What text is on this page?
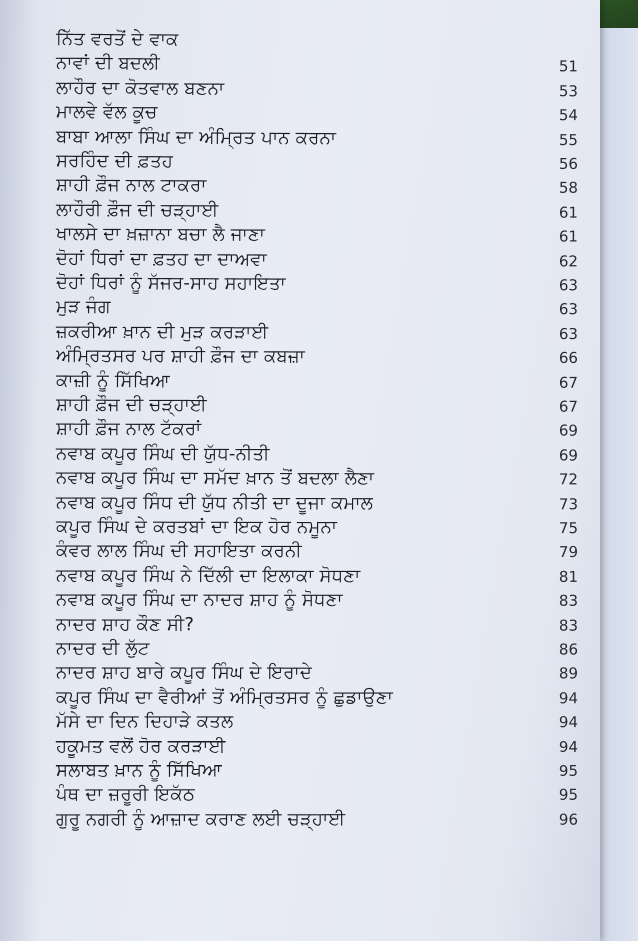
ਨਿੱਤ ਵਰਤੋਂ ਦੇ ਵਾਕ
ਨਾਵਾਂ ਦੀ ਬਦਲੀ	51
ਲਾਹੌਰ ਦਾ ਕੋਤਵਾਲ ਬਣਨਾ	53
ਮਾਲਵੇ ਵੱਲ ਕੂਚ	54
ਬਾਬਾ ਆਲਾ ਸਿੰਘ ਦਾ ਅੰਮ੍ਰਿਤ ਪਾਨ ਕਰਨਾ	55
ਸਰਹਿੰਦ ਦੀ ਫ਼ਤਹ	56
ਸ਼ਾਹੀ ਫ਼ੌਜ ਨਾਲ ਟਾਕਰਾ	58
ਲਾਹੌਰੀ ਫ਼ੌਜ ਦੀ ਚੜ੍ਹਾਈ	61
ਖਾਲਸੇ ਦਾ ਖ਼ਜ਼ਾਨਾ ਬਚਾ ਲੈ ਜਾਣਾ	61
ਦੋਹਾਂ ਧਿਰਾਂ ਦਾ ਫ਼ਤਹ ਦਾ ਦਾਅਵਾ	62
ਦੋਹਾਂ ਧਿਰਾਂ ਨੂੰ ਸੱਜਰ-ਸਾਹ ਸਹਾਇਤਾ	63
ਮੁੜ ਜੰਗ	63
ਜ਼ਕਰੀਆ ਖ਼ਾਨ ਦੀ ਮੁੜ ਕਰੜਾਈ	63
ਅੰਮ੍ਰਿਤਸਰ ਪਰ ਸ਼ਾਹੀ ਫ਼ੌਜ ਦਾ ਕਬਜ਼ਾ	66
ਕਾਜ਼ੀ ਨੂੰ ਸਿੱਖਿਆ	67
ਸ਼ਾਹੀ ਫ਼ੌਜ ਦੀ ਚੜ੍ਹਾਈ	67
ਸ਼ਾਹੀ ਫ਼ੌਜ ਨਾਲ ਟੱਕਰਾਂ	69
ਨਵਾਬ ਕਪੂਰ ਸਿੰਘ ਦੀ ਯੁੱਧ-ਨੀਤੀ	69
ਨਵਾਬ ਕਪੂਰ ਸਿੰਘ ਦਾ ਸਮੱਦ ਖ਼ਾਨ ਤੋਂ ਬਦਲਾ ਲੈਣਾ	72
ਨਵਾਬ ਕਪੂਰ ਸਿੰਧ ਦੀ ਯੁੱਧ ਨੀਤੀ ਦਾ ਦੂਜਾ ਕਮਾਲ	73
ਕਪੂਰ ਸਿੰਘ ਦੇ ਕਰਤਬਾਂ ਦਾ ਇਕ ਹੋਰ ਨਮੂਨਾ	75
ਕੰਵਰ ਲਾਲ ਸਿੰਘ ਦੀ ਸਹਾਇਤਾ ਕਰਨੀ	79
ਨਵਾਬ ਕਪੂਰ ਸਿੰਘ ਨੇ ਦਿੱਲੀ ਦਾ ਇਲਾਕਾ ਸੋਧਣਾ	81
ਨਵਾਬ ਕਪੂਰ ਸਿੰਘ ਦਾ ਨਾਦਰ ਸ਼ਾਹ ਨੂੰ ਸੋਧਣਾ	83
ਨਾਦਰ ਸ਼ਾਹ ਕੌਣ ਸੀ?	83
ਨਾਦਰ ਦੀ ਲੁੱਟ	86
ਨਾਦਰ ਸ਼ਾਹ ਬਾਰੇ ਕਪੂਰ ਸਿੰਘ ਦੇ ਇਰਾਦੇ	89
ਕਪੂਰ ਸਿੰਘ ਦਾ ਵੈਰੀਆਂ ਤੋਂ ਅੰਮ੍ਰਿਤਸਰ ਨੂੰ ਛੁਡਾਉਣਾ	94
ਮੱਸੇ ਦਾ ਦਿਨ ਦਿਹਾੜੇ ਕਤਲ	94
ਹਕੂਮਤ ਵਲੋਂ ਹੋਰ ਕਰੜਾਈ	94
ਸਲਾਬਤ ਖ਼ਾਨ ਨੂੰ ਸਿੱਖਿਆ	95
ਪੰਥ ਦਾ ਜ਼ਰੂਰੀ ਇਕੱਠ	95
ਗੁਰੂ ਨਗਰੀ ਨੂੰ ਆਜ਼ਾਦ ਕਰਾਣ ਲਈ ਚੜ੍ਹਾਈ	96
